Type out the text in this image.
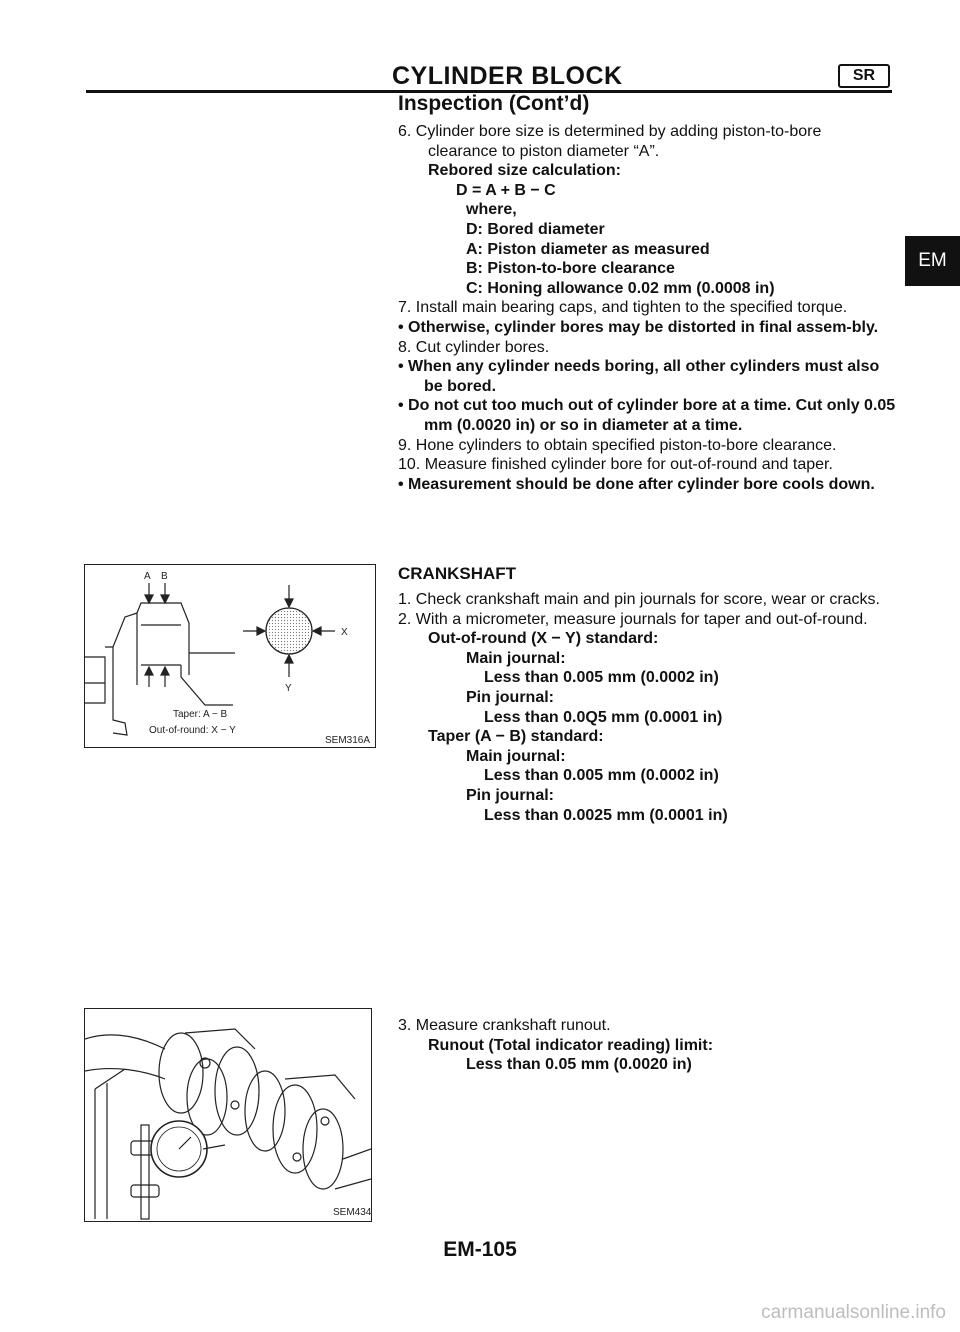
CYLINDER BLOCK	SR
Inspection (Cont’d)
EM

6. Cylinder bore size is determined by adding piston-to-bore

clearance to piston diameter “A”.

Rebored size calculation:

D = A + B − C

where,

D: Bored diameter

A: Piston diameter as measured

B: Piston-to-bore clearance

C: Honing allowance 0.02 mm (0.0008 in)

7. Install main bearing caps, and tighten to the specified torque.

• Otherwise, cylinder bores may be distorted in final assem-bly.

8. Cut cylinder bores.

• When any cylinder needs boring, all other cylinders must also be bored.

• Do not cut too much out of cylinder bore at a time. Cut only 0.05 mm (0.0020 in) or so in diameter at a time.

9. Hone cylinders to obtain specified piston-to-bore clearance.

10. Measure finished cylinder bore for out-of-round and taper.

• Measurement should be done after cylinder bore cools down.

CRANKSHAFT

1. Check crankshaft main and pin journals for score, wear or cracks.

2. With a micrometer, measure journals for taper and out-of-round.

Out-of-round (X − Y) standard:

Main journal:

Less than 0.005 mm (0.0002 in)

Pin journal:

Less than 0.0Q5 mm (0.0001 in)

Taper (A − B) standard:

Main journal:

Less than 0.005 mm (0.0002 in)

Pin journal:

Less than 0.0025 mm (0.0001 in)

3. Measure crankshaft runout.

Runout (Total indicator reading) limit:

Less than 0.05 mm (0.0020 in)

A B
X
Y
Taper: A − B
Out-of-round: X − Y
SEM316A
SEM434
EM-105
carmanualsonline.info
